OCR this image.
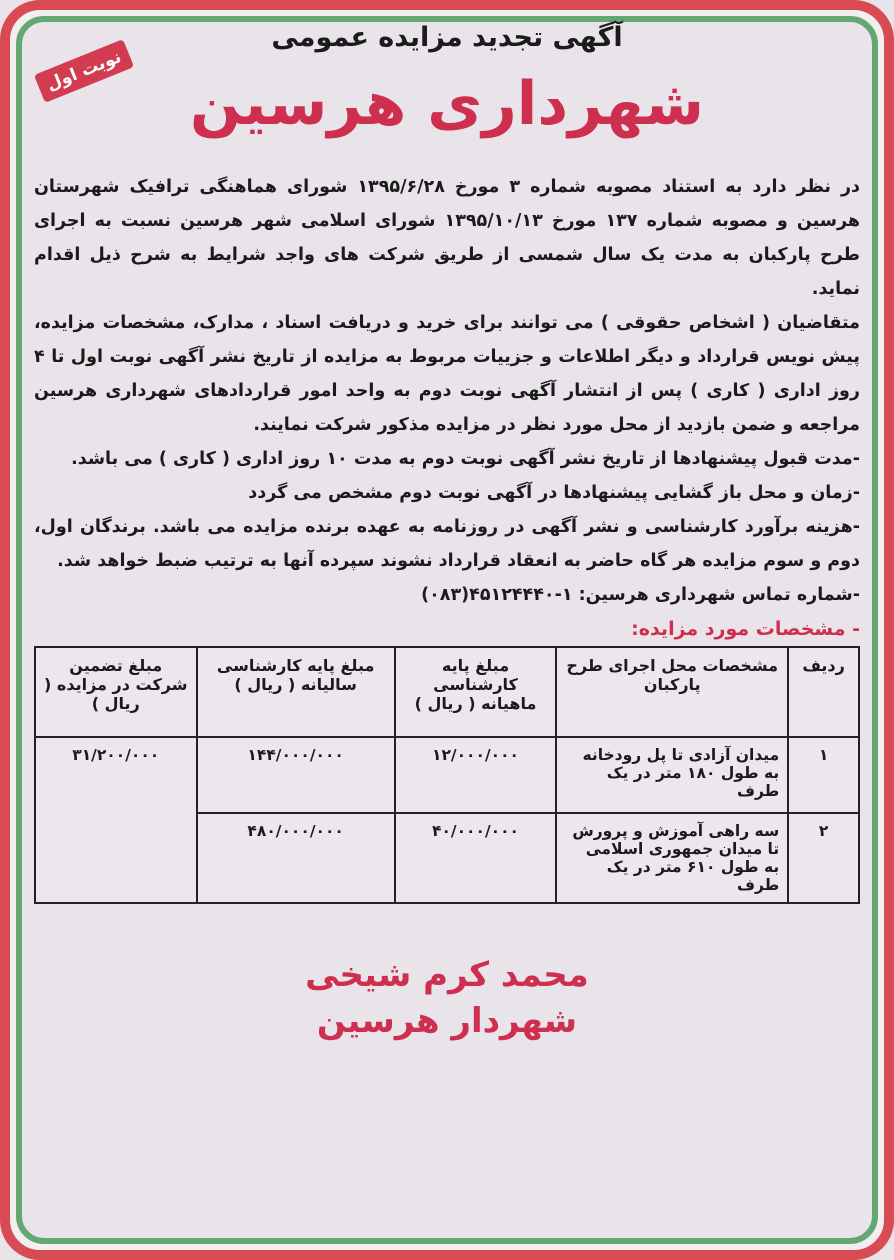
آگهی تجدید مزایده عمومی
نوبت اول	شهرداری هرسین

در نظر دارد به استناد مصوبه شماره ۳ مورخ ۱۳۹۵/۶/۲۸ شورای هماهنگی ترافیک شهرستان هرسین و مصوبه شماره ۱۳۷ مورخ ۱۳۹۵/۱۰/۱۳ شورای اسلامی شهر هرسین نسبت به اجرای طرح پارکبان به مدت یک سال شمسی از طریق شرکت های واجد شرایط به شرح ذیل اقدام نماید.

متقاضیان ( اشخاص حقوقی ) می توانند برای خرید و دریافت اسناد ، مدارک، مشخصات مزایده، پیش نویس قرارداد و دیگر اطلاعات و جزییات مربوط به مزایده از تاریخ نشر آگهی نوبت اول تا ۴ روز اداری ( کاری ) پس از انتشار آگهی نوبت دوم به واحد امور قراردادهای شهرداری هرسین مراجعه و ضمن بازدید از محل مورد نظر در مزایده مذکور شرکت نمایند.

-مدت قبول پیشنهادها از تاریخ نشر آگهی نوبت دوم به مدت ۱۰ روز اداری ( کاری ) می باشد.

-زمان و محل باز گشایی پیشنهادها در آگهی نوبت دوم مشخص می گردد

-هزینه برآورد کارشناسی و نشر آگهی در روزنامه به عهده برنده مزایده می باشد. برندگان اول، دوم و سوم مزایده هر گاه حاضر به انعقاد قرارداد نشوند سپرده آنها به ترتیب ضبط خواهد شد.

-شماره تماس شهرداری هرسین: ۱-۴۵۱۲۴۴۴۰(۰۸۳)

- مشخصات مورد مزایده:
ردیف	مشخصات محل اجرای طرح پارکبان	مبلغ پایه کارشناسی ماهیانه ( ریال )	مبلغ پایه کارشناسی سالیانه ( ریال )	مبلغ تضمین شرکت در مزایده ( ریال )
۱	میدان آزادی تا پل رودخانه به طول ۱۸۰ متر در یک طرف	۱۲/۰۰۰/۰۰۰	۱۴۴/۰۰۰/۰۰۰	۳۱/۲۰۰/۰۰۰
۲	سه راهی آموزش و پرورش تا میدان جمهوری اسلامی به طول ۶۱۰ متر در یک طرف	۴۰/۰۰۰/۰۰۰	۴۸۰/۰۰۰/۰۰۰	
محمد کرم شیخی
شهردار هرسین
